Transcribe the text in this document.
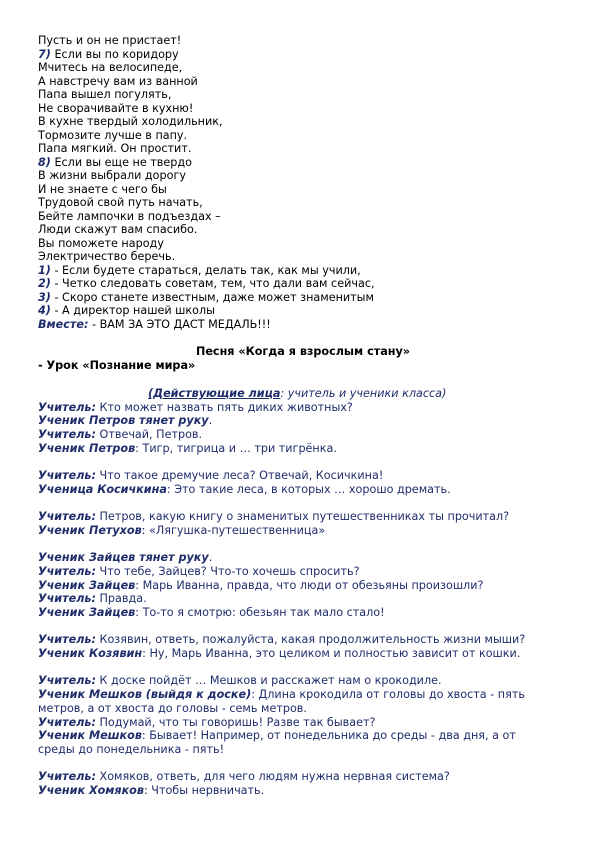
Пусть и он не пристает!
7) Если вы по коридору
Мчитесь на велосипеде,
А навстречу вам из ванной
Папа вышел погулять,
Не сворачивайте в кухню!
В кухне твердый холодильник,
Тормозите лучше в папу.
Папа мягкий. Он простит.
8) Если вы еще не твердо
В жизни выбрали дорогу
И не знаете с чего бы
Трудовой свой путь начать,
Бейте лампочки в подъездах –
Люди скажут вам спасибо.
Вы поможете народу
Электричество беречь.
1) - Если будете стараться, делать так, как мы учили,
2) - Четко следовать советам, тем, что дали вам сейчас,
3) - Скоро станете известным, даже может знаменитым
4) - А директор нашей школы
Вместе: - ВАМ ЗА ЭТО ДАСТ МЕДАЛЬ!!!
Песня «Когда я взрослым стану»
- Урок «Познание мира»
(Действующие лица: учитель и ученики класса)
Учитель: Кто может назвать пять диких животных?
Ученик Петров тянет руку.
Учитель: Отвечай, Петров.
Ученик Петров: Тигр, тигрица и … три тигрёнка.
Учитель: Что такое дремучие леса? Отвечай, Косичкина!
Ученица Косичкина: Это такие леса, в которых … хорошо дремать.
Учитель: Петров, какую книгу о знаменитых путешественниках ты прочитал?
Ученик Петухов: «Лягушка-путешественница»
Ученик Зайцев тянет руку.
Учитель: Что тебе, Зайцев? Что-то хочешь спросить?
Ученик Зайцев: Марь Иванна, правда, что люди от обезьяны произошли?
Учитель: Правда.
Ученик Зайцев: То-то я смотрю: обезьян так мало стало!
Учитель: Козявин, ответь, пожалуйста, какая продолжительность жизни мыши?
Ученик Козявин: Ну, Марь Иванна, это целиком и полностью зависит от кошки.
Учитель: К доске пойдёт … Мешков и расскажет нам о крокодиле.
Ученик Мешков (выйдя к доске): Длина крокодила от головы до хвоста - пять
метров, а от хвоста до головы - семь метров.
Учитель: Подумай, что ты говоришь! Разве так бывает?
Ученик Мешков: Бывает! Например, от понедельника до среды - два дня, а от
среды до понедельника - пять!
Учитель: Хомяков, ответь, для чего людям нужна нервная система?
Ученик Хомяков: Чтобы нервничать.
